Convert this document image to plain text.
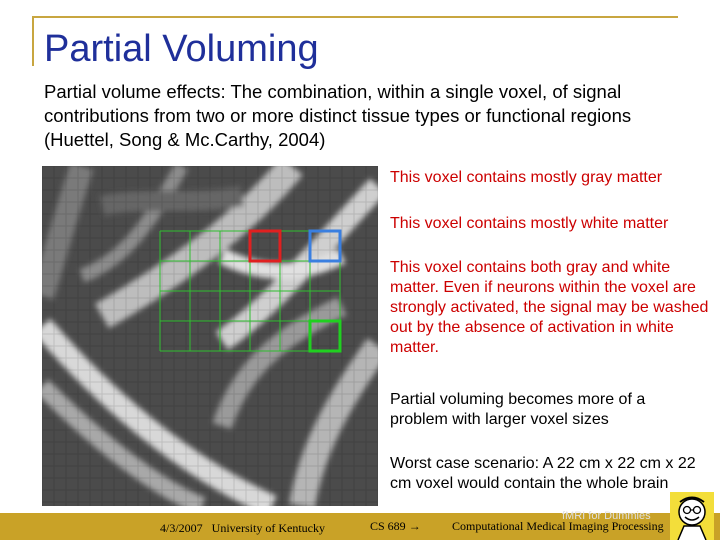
Partial Voluming
Partial volume effects: The combination, within a single voxel, of signal contributions from two or more distinct tissue types or functional regions (Huettel, Song & Mc.Carthy, 2004)
This voxel contains mostly gray matter
This voxel contains mostly white matter
This voxel contains both gray and white matter. Even if neurons within the voxel are strongly activated, the signal may be washed out by the absence of activation in white matter.
Partial voluming becomes more of a problem with larger voxel sizes
Worst case scenario: A 22 cm x 22 cm x 22 cm voxel would contain the whole brain
4/3/2007 University of Kentucky	CS 689 →	Computational Medical Imaging Processing
fMRI for Dummies
